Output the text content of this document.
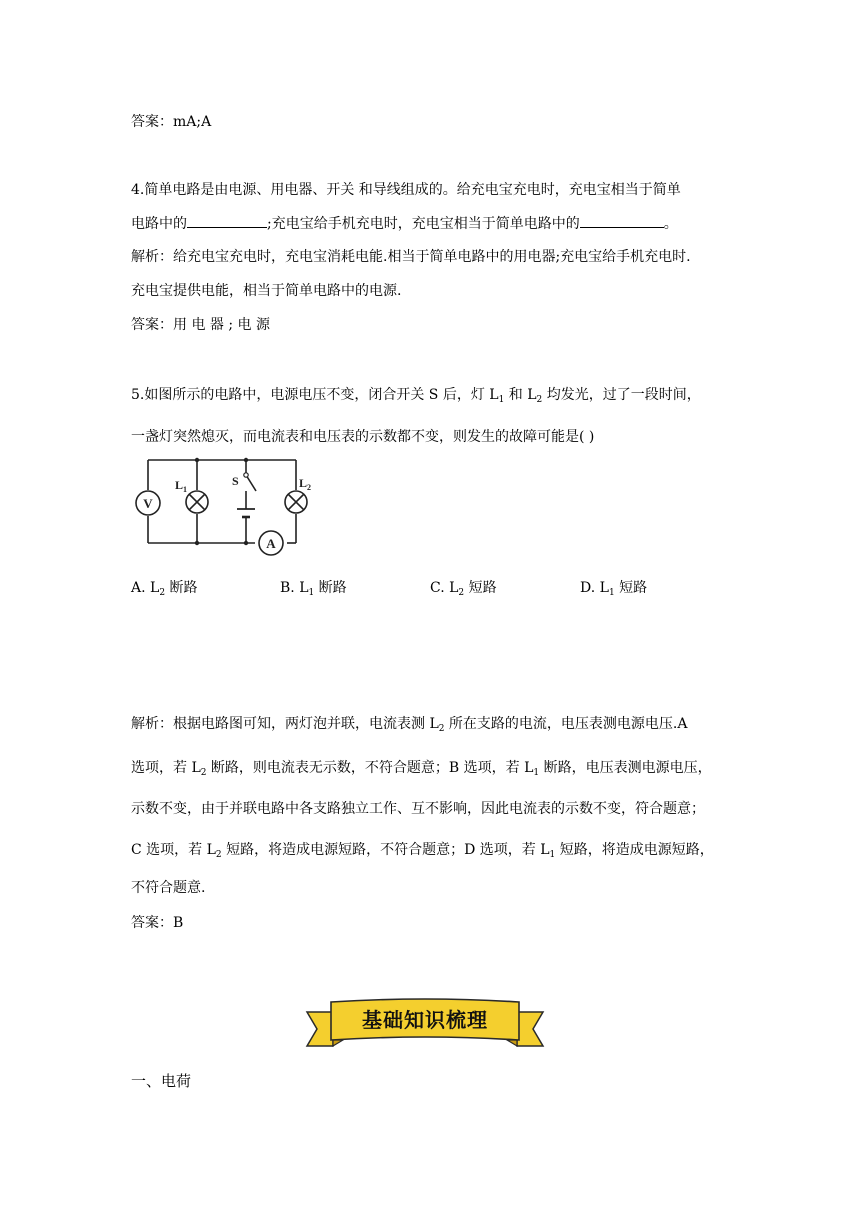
答案：mA;A
4.简单电路是由电源、用电器、开关 和导线组成的。给充电宝充电时，充电宝相当于简单
电路中的	;充电宝给手机充电时，充电宝相当于简单电路中的	。
解析：给充电宝充电时，充电宝消耗电能.相当于简单电路中的用电器;充电宝给手机充电时.
充电宝提供电能，相当于简单电路中的电源.
答案：用 电 器 ; 电 源
5.如图所示的电路中，电源电压不变，闭合开关 S 后，灯 $L_1$ 和 $L_2$ 均发光，过了一段时间，
一盏灯突然熄灭，而电流表和电压表的示数都不变，则发生的故障可能是( )
V
A
L 1	L 2
S
A. $L_2$ 断路	B. $L_1$ 断路	C. $L_2$ 短路	D. $L_1$ 短路
解析：根据电路图可知，两灯泡并联，电流表测 $L_2$ 所在支路的电流，电压表测电源电压.A
选项，若 $L_2$ 断路，则电流表无示数，不符合题意；B 选项，若 $L_1$ 断路，电压表测电源电压，
示数不变，由于并联电路中各支路独立工作、互不影响，因此电流表的示数不变，符合题意；
C 选项，若 $L_2$ 短路，将造成电源短路，不符合题意；D 选项，若 $L_1$ 短路，将造成电源短路，
不符合题意.
答案：B
基础知识梳理
一、电荷
